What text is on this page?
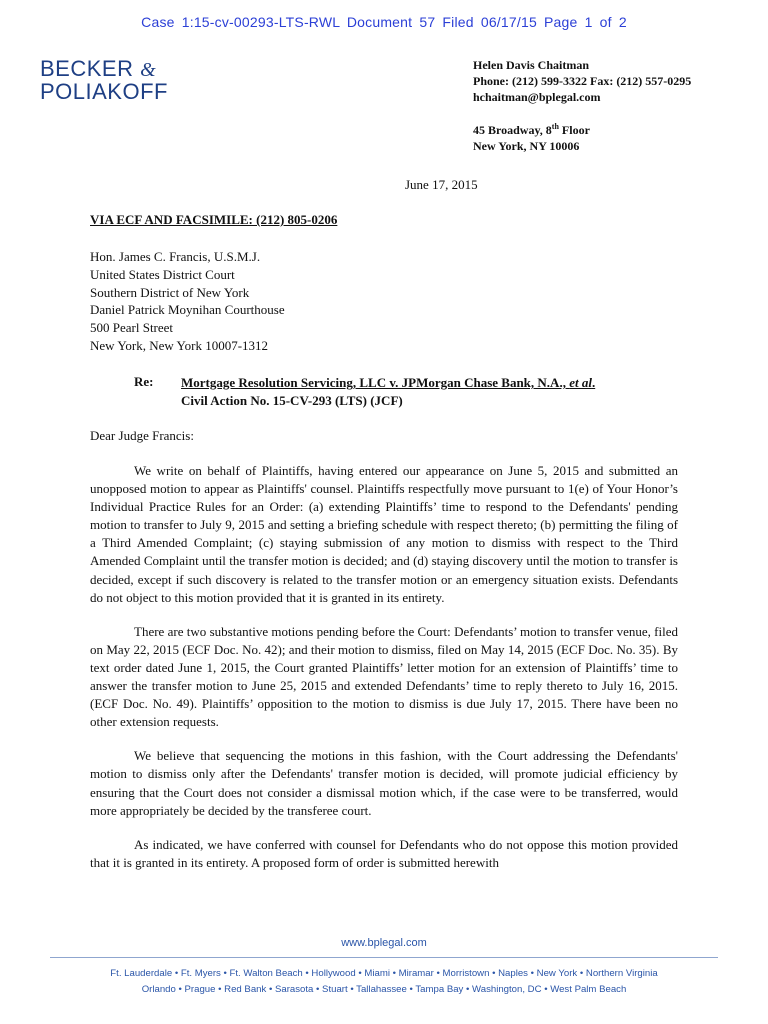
Case 1:15-cv-00293-LTS-RWL Document 57 Filed 06/17/15 Page 1 of 2
BECKER &
POLIAKOFF
Helen Davis Chaitman
Phone: (212) 599-3322 Fax: (212) 557-0295
hchaitman@bplegal.com
45 Broadway, 8th Floor
New York, NY 10006
June 17, 2015
VIA ECF AND FACSIMILE: (212) 805-0206
Hon. James C. Francis, U.S.M.J.
United States District Court
Southern District of New York
Daniel Patrick Moynihan Courthouse
500 Pearl Street
New York, New York 10007-1312
Re: Mortgage Resolution Servicing, LLC v. JPMorgan Chase Bank, N.A., et al.
Civil Action No. 15-CV-293 (LTS) (JCF)
Dear Judge Francis:

We write on behalf of Plaintiffs, having entered our appearance on June 5, 2015 and submitted an unopposed motion to appear as Plaintiffs' counsel. Plaintiffs respectfully move pursuant to 1(e) of Your Honor’s Individual Practice Rules for an Order: (a) extending Plaintiffs’ time to respond to the Defendants' pending motion to transfer to July 9, 2015 and setting a briefing schedule with respect thereto; (b) permitting the filing of a Third Amended Complaint; (c) staying submission of any motion to dismiss with respect to the Third Amended Complaint until the transfer motion is decided; and (d) staying discovery until the motion to transfer is decided, except if such discovery is related to the transfer motion or an emergency situation exists. Defendants do not object to this motion provided that it is granted in its entirety.

There are two substantive motions pending before the Court: Defendants’ motion to transfer venue, filed on May 22, 2015 (ECF Doc. No. 42); and their motion to dismiss, filed on May 14, 2015 (ECF Doc. No. 35). By text order dated June 1, 2015, the Court granted Plaintiffs’ letter motion for an extension of Plaintiffs’ time to answer the transfer motion to June 25, 2015 and extended Defendants’ time to reply thereto to July 16, 2015. (ECF Doc. No. 49). Plaintiffs’ opposition to the motion to dismiss is due July 17, 2015. There have been no other extension requests.

We believe that sequencing the motions in this fashion, with the Court addressing the Defendants' motion to dismiss only after the Defendants' transfer motion is decided, will promote judicial efficiency by ensuring that the Court does not consider a dismissal motion which, if the case were to be transferred, would more appropriately be decided by the transferee court.

As indicated, we have conferred with counsel for Defendants who do not oppose this motion provided that it is granted in its entirety. A proposed form of order is submitted herewith

www.bplegal.com
Ft. Lauderdale • Ft. Myers • Ft. Walton Beach • Hollywood • Miami • Miramar • Morristown • Naples • New York • Northern Virginia
Orlando • Prague • Red Bank • Sarasota • Stuart • Tallahassee • Tampa Bay • Washington, DC • West Palm Beach
